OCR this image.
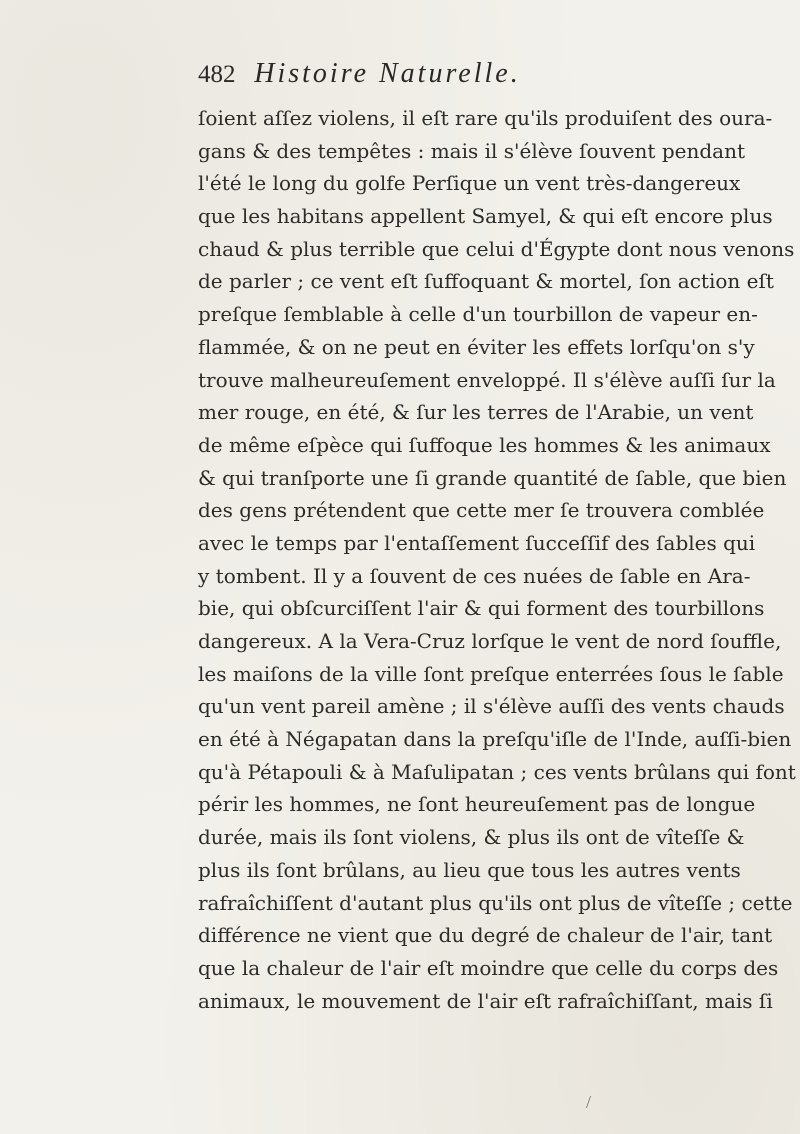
482 Histoire Naturelle.
ſoient aſſez violens, il eſt rare qu'ils produiſent des oura-
gans & des tempêtes : mais il s'élève ſouvent pendant
l'été le long du golfe Perſique un vent très-dangereux
que les habitans appellent Samyel, & qui eſt encore plus
chaud & plus terrible que celui d'Égypte dont nous venons
de parler ; ce vent eſt ſuffoquant & mortel, ſon action eſt
preſque ſemblable à celle d'un tourbillon de vapeur en-
flammée, & on ne peut en éviter les effets lorſqu'on s'y
trouve malheureuſement enveloppé. Il s'élève auſſi ſur la
mer rouge, en été, & ſur les terres de l'Arabie, un vent
de même eſpèce qui ſuffoque les hommes & les animaux
& qui tranſporte une ſi grande quantité de ſable, que bien
des gens prétendent que cette mer ſe trouvera comblée
avec le temps par l'entaſſement ſucceſſif des ſables qui
y tombent. Il y a ſouvent de ces nuées de ſable en Ara-
bie, qui obſcurciſſent l'air & qui forment des tourbillons
dangereux. A la Vera-Cruz lorſque le vent de nord ſouffle,
les maiſons de la ville ſont preſque enterrées ſous le ſable
qu'un vent pareil amène ; il s'élève auſſi des vents chauds
en été à Négapatan dans la preſqu'iſle de l'Inde, auſſi-bien
qu'à Pétapouli & à Maſulipatan ; ces vents brûlans qui font
périr les hommes, ne ſont heureuſement pas de longue
durée, mais ils ſont violens, & plus ils ont de vîteſſe &
plus ils ſont brûlans, au lieu que tous les autres vents
rafraîchiſſent d'autant plus qu'ils ont plus de vîteſſe ; cette
différence ne vient que du degré de chaleur de l'air, tant
que la chaleur de l'air eſt moindre que celle du corps des
animaux, le mouvement de l'air eſt rafraîchiſſant, mais ſi
/
